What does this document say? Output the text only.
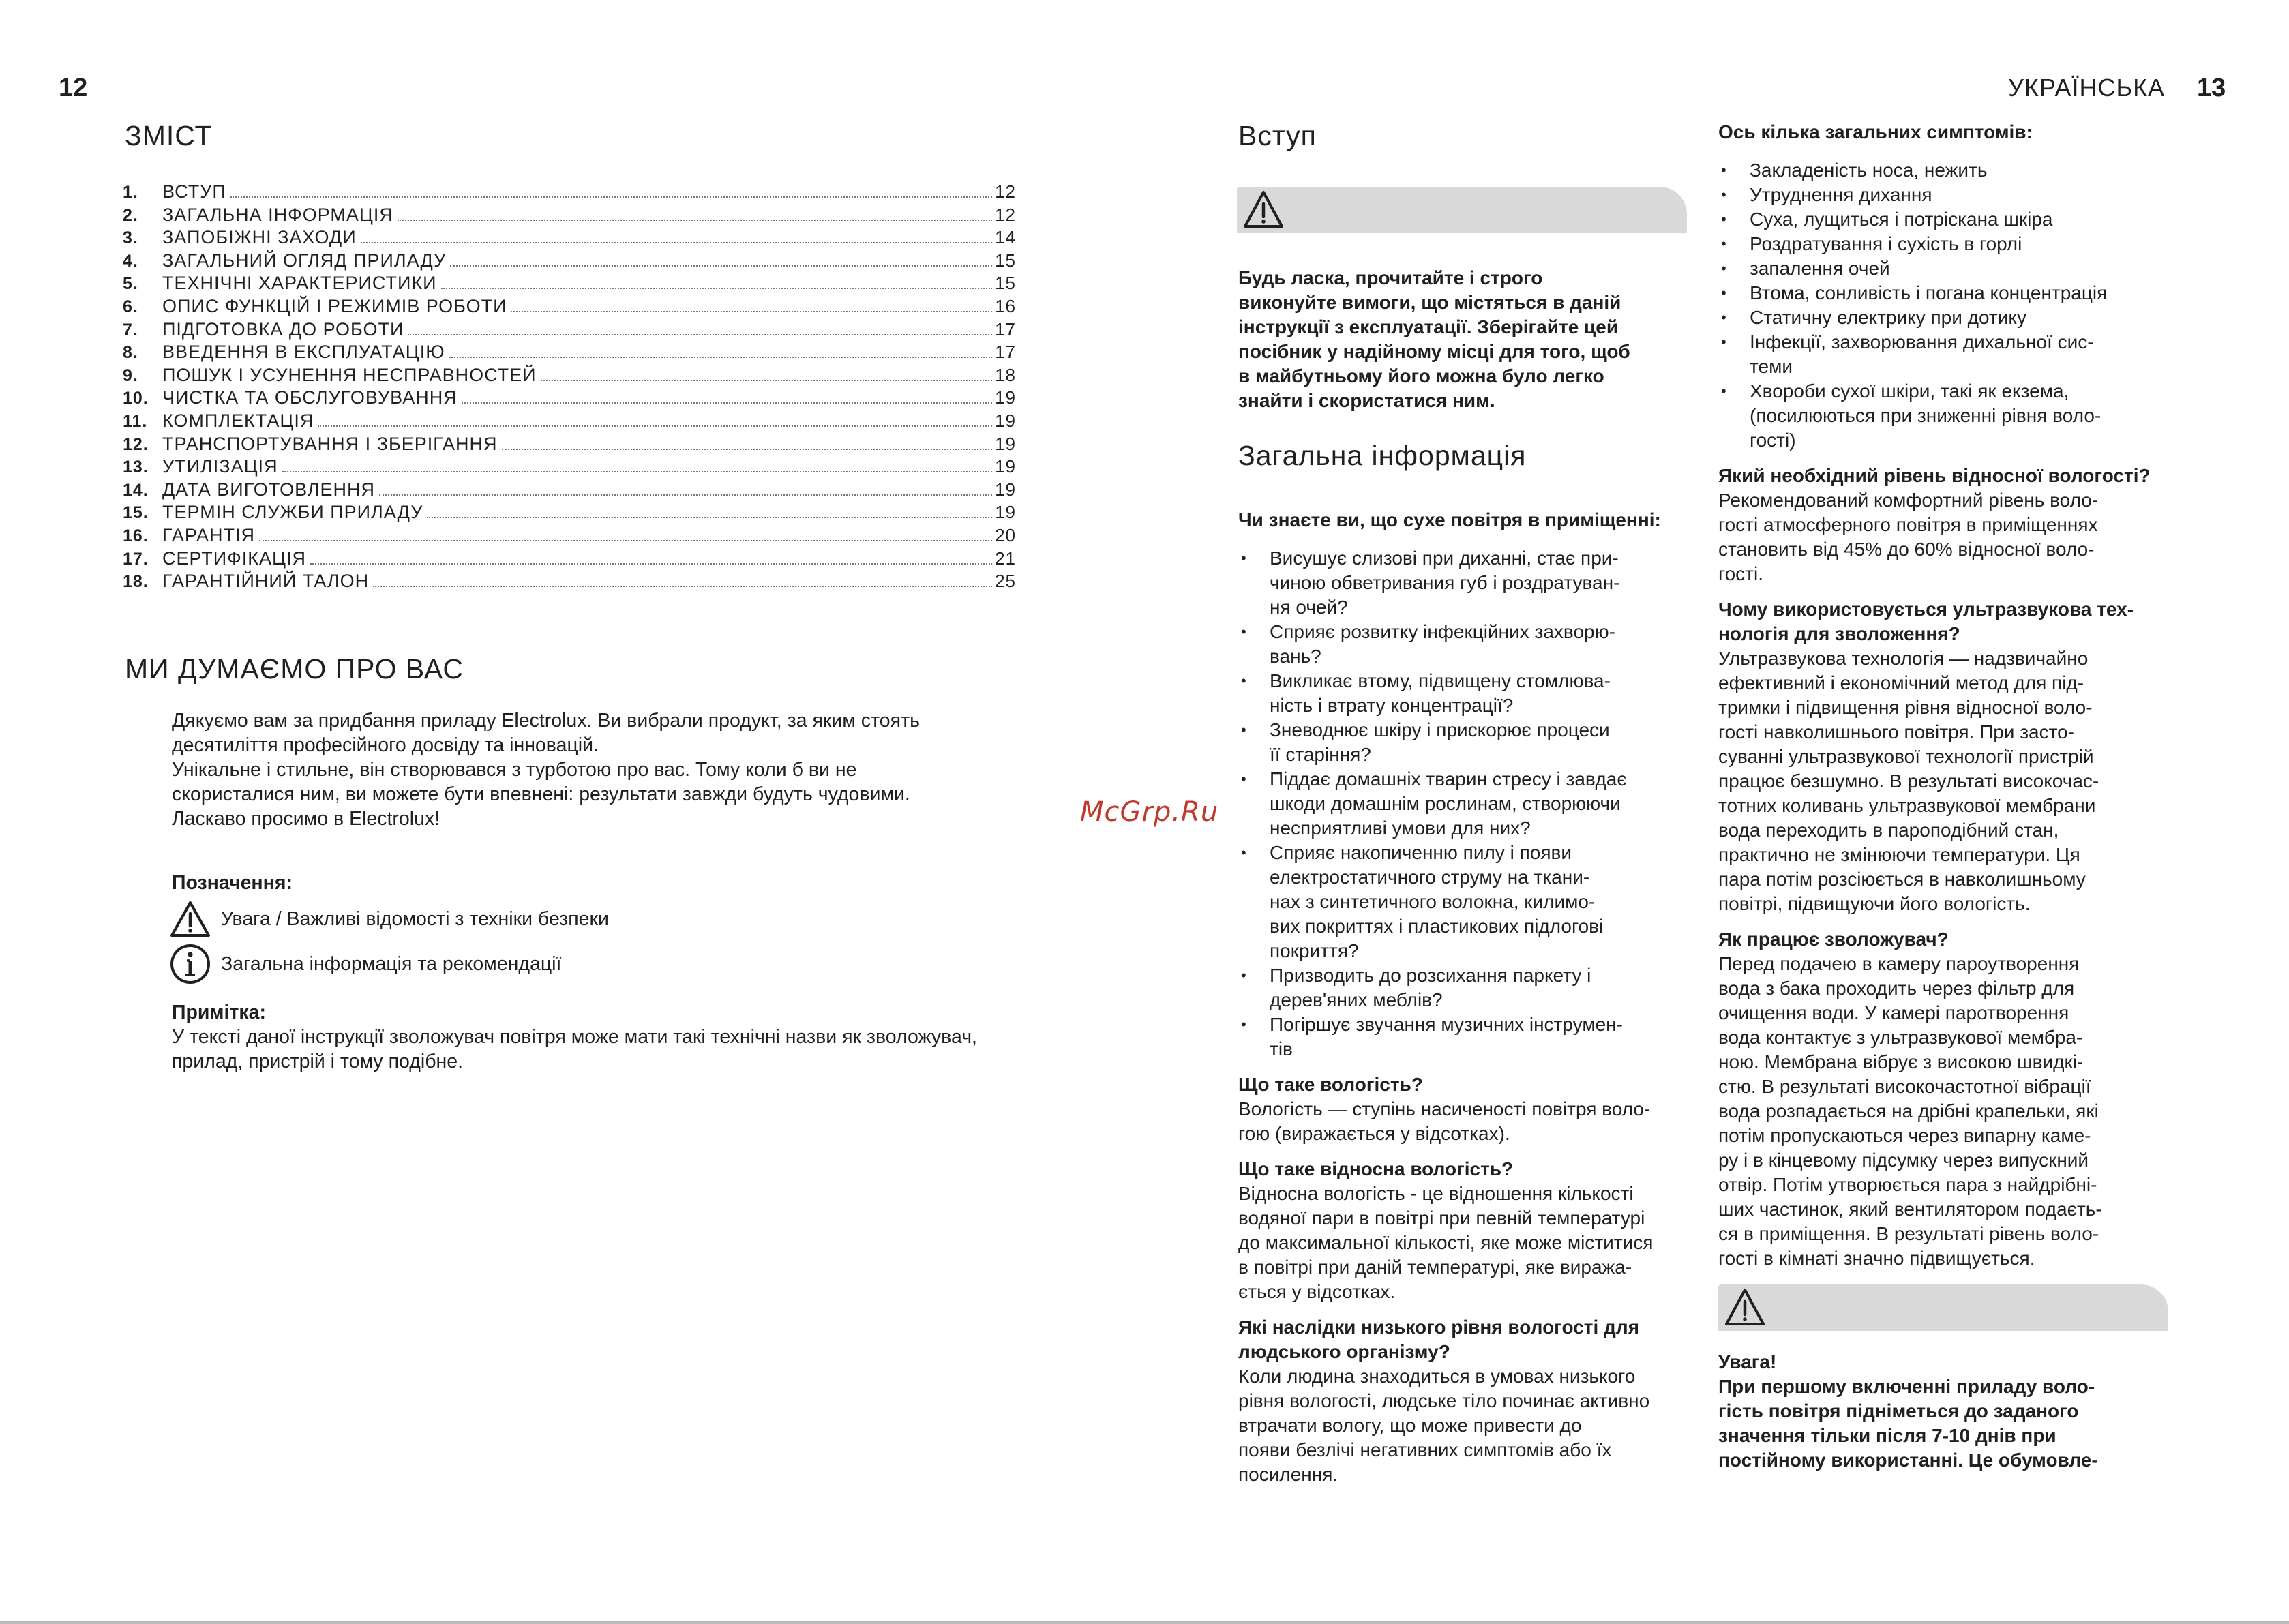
12
ЗМІСТ
1.	ВСТУП	12
2.	ЗАГАЛЬНА ІНФОРМАЦІЯ	12
3.	ЗАПОБІЖНІ ЗАХОДИ	14
4.	ЗАГАЛЬНИЙ ОГЛЯД ПРИЛАДУ	15
5.	ТЕХНІЧНІ ХАРАКТЕРИСТИКИ	15
6.	ОПИС ФУНКЦІЙ І РЕЖИМІВ РОБОТИ	16
7.	ПІДГОТОВКА ДО РОБОТИ	17
8.	ВВЕДЕННЯ В ЕКСПЛУАТАЦІЮ	17
9.	ПОШУК І УСУНЕННЯ НЕСПРАВНОСТЕЙ	18
10. ЧИСТКА ТА ОБСЛУГОВУВАННЯ	19
11. КОМПЛЕКТАЦІЯ	19
12. ТРАНСПОРТУВАННЯ І ЗБЕРІГАННЯ	19
13. УТИЛІЗАЦІЯ	19
14. ДАТА ВИГОТОВЛЕННЯ	19
15. ТЕРМІН СЛУЖБИ ПРИЛАДУ	19
16. ГАРАНТІЯ	20
17. СЕРТИФІКАЦІЯ	21
18. ГАРАНТІЙНИЙ ТАЛОН	25
МИ ДУМАЄМО ПРО ВАС
Дякуємо вам за придбання приладу Electrolux. Ви вибрали продукт, за яким стоять
десятиліття професійного досвіду та інновацій.
Унікальне і стильне, він створювався з турботою про вас. Тому коли б ви не
скористалися ним, ви можете бути впевнені: результати завжди будуть чудовими.
Ласкаво просимо в Electrolux!
Позначення:
Увага / Важливі відомості з техніки безпеки
Загальна інформація та рекомендації
Примітка:
У тексті даної інструкції зволожувач повітря може мати такі технічні назви як зволожувач,
прилад, пристрій і тому подібне.
McGrp.Ru
УКРАЇНСЬКА 13
Вступ

Будь ласка, прочитайте і строго

виконуйте вимоги, що містяться в даній

інструкції з експлуатації. Зберігайте цей

посібник у надійному місці для того, щоб

в майбутньому його можна було легко

знайти і скористатися ним.

Загальна інформація

Чи знаєте ви, що сухе повітря в приміщенні:

• Висушує слизові при диханні, стає при-
чиною обветривания губ і роздратуван-
ня очей?
• Сприяє розвитку інфекційних захворю-
вань?
• Викликає втому, підвищену стомлюва-
ність і втрату концентрації?
• Зневоднює шкіру і прискорює процеси
її старіння?
• Піддає домашніх тварин стресу і завдає
шкоди домашнім рослинам, створюючи
несприятливі умови для них?
• Сприяє накопиченню пилу і появи
електростатичного струму на ткани-
нах з синтетичного волокна, килимо-
вих покриттях і пластикових підлогові
покриття?
• Призводить до розсихання паркету і
дерев'яних меблів?
• Погіршує звучання музичних інструмен-
тів

Що таке вологість?

Вологість — ступінь насиченості повітря воло-
гою (виражається у відсотках).

Що таке відносна вологість?

Відносна вологість - це відношення кількості
водяної пари в повітрі при певній температурі
до максимальної кількості, яке може міститися
в повітрі при даній температурі, яке виража-
ється у відсотках.
Які наслідки низького рівня вологості для
людського організму?
Коли людина знаходиться в умовах низького
рівня вологості, людське тіло починає активно
втрачати вологу, що може привести до
появи безлічі негативних симптомів або їх
посилення.

Ось кілька загальних симптомів:

• Закладеність носа, нежить
• Утруднення дихання
• Суха, лущиться і потріскана шкіра
• Роздратування і сухість в горлі
• запалення очей
• Втома, сонливість і погана концентрація
• Статичну електрику при дотику
• Інфекції, захворювання дихальної сис-
теми
• Хвороби сухої шкіри, такі як екзема,
(посилюються при зниженні рівня воло-
гості)

Який необхідний рівень відносної вологості?

Рекомендований комфортний рівень воло-
гості атмосферного повітря в приміщеннях
становить від 45% до 60% відносної воло-
гості.
Чому використовується ультразвукова тех-
нологія для зволоження?
Ультразвукова технологія — надзвичайно
ефективний і економічний метод для під-
тримки і підвищення рівня відносної воло-
гості навколишнього повітря. При засто-
суванні ультразвукової технології пристрій
працює безшумно. В результаті високочас-
тотних коливань ультразвукової мембрани
вода переходить в пароподібний стан,
практично не змінюючи температури. Ця
пара потім розсіюється в навколишньому
повітрі, підвищуючи його вологість.

Як працює зволожувач?

Перед подачею в камеру пароутворення
вода з бака проходить через фільтр для
очищення води. У камері паротворення
вода контактує з ультразвукової мембра-
ною. Мембрана вібрує з високою швидкі-
стю. В результаті високочастотної вібрації
вода розпадається на дрібні крапельки, які
потім пропускаються через випарну каме-
ру і в кінцевому підсумку через випускний
отвір. Потім утворюється пара з найдрібні-
ших частинок, який вентилятором подаєть-
ся в приміщення. В результаті рівень воло-
гості в кімнаті значно підвищується.

Увага!

При першому включенні приладу воло-
гість повітря підніметься до заданого
значення тільки після 7-10 днів при
постійному використанні. Це обумовле-
